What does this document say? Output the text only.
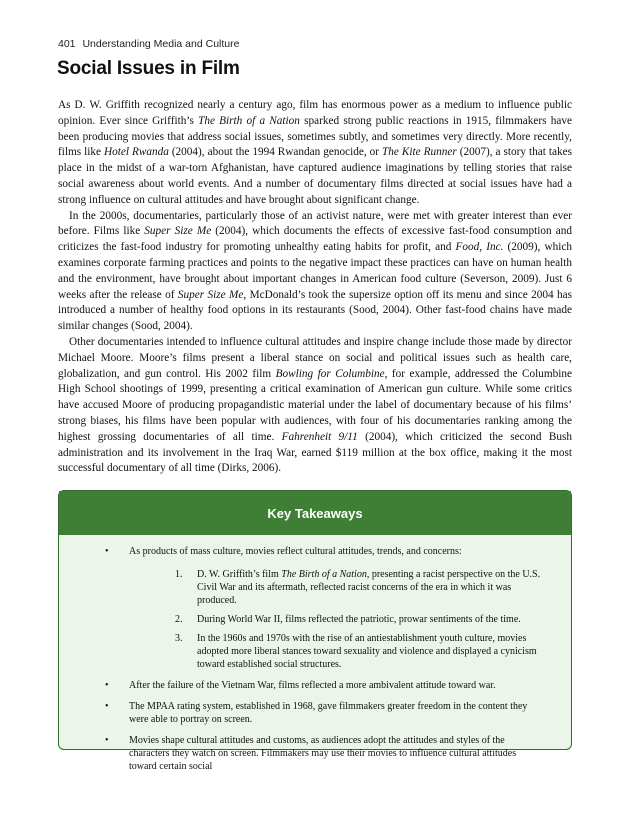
401 Understanding Media and Culture
Social Issues in Film

As D. W. Griffith recognized nearly a century ago, film has enormous power as a medium to influence public opinion. Ever since Griffith’s The Birth of a Nation sparked strong public reactions in 1915, filmmakers have been producing movies that address social issues, sometimes subtly, and sometimes very directly. More recently, films like Hotel Rwanda (2004), about the 1994 Rwandan genocide, or The Kite Runner (2007), a story that takes place in the midst of a war-torn Afghanistan, have captured audience imaginations by telling stories that raise social awareness about world events. And a number of documentary films directed at social issues have had a strong influence on cultural attitudes and have brought about significant change.

In the 2000s, documentaries, particularly those of an activist nature, were met with greater interest than ever before. Films like Super Size Me (2004), which documents the effects of excessive fast-food consumption and criticizes the fast-food industry for promoting unhealthy eating habits for profit, and Food, Inc. (2009), which examines corporate farming practices and points to the negative impact these practices can have on human health and the environment, have brought about important changes in American food culture (Severson, 2009). Just 6 weeks after the release of Super Size Me, McDonald’s took the supersize option off its menu and since 2004 has introduced a number of healthy food options in its restaurants (Sood, 2004). Other fast-food chains have made similar changes (Sood, 2004).

Other documentaries intended to influence cultural attitudes and inspire change include those made by director Michael Moore. Moore’s films present a liberal stance on social and political issues such as health care, globalization, and gun control. His 2002 film Bowling for Columbine, for example, addressed the Columbine High School shootings of 1999, presenting a critical examination of American gun culture. While some critics have accused Moore of producing propagandistic material under the label of documentary because of his films’ strong biases, his films have been popular with audiences, with four of his documentaries ranking among the highest grossing documentaries of all time. Fahrenheit 9/11 (2004), which criticized the second Bush administration and its involvement in the Iraq War, earned $119 million at the box office, making it the most successful documentary of all time (Dirks, 2006).

Key Takeaways
• As products of mass culture, movies reflect cultural attitudes, trends, and concerns:
1. D. W. Griffith’s film The Birth of a Nation, presenting a racist perspective on the U.S. Civil War and its aftermath, reflected racist concerns of the era in which it was produced.
2. During World War II, films reflected the patriotic, prowar sentiments of the time.
3. In the 1960s and 1970s with the rise of an antiestablishment youth culture, movies adopted more liberal stances toward sexuality and violence and displayed a cynicism toward established social structures.
• After the failure of the Vietnam War, films reflected a more ambivalent attitude toward war.
• The MPAA rating system, established in 1968, gave filmmakers greater freedom in the content they were able to portray on screen.
• Movies shape cultural attitudes and customs, as audiences adopt the attitudes and styles of the characters they watch on screen. Filmmakers may use their movies to influence cultural attitudes toward certain social
